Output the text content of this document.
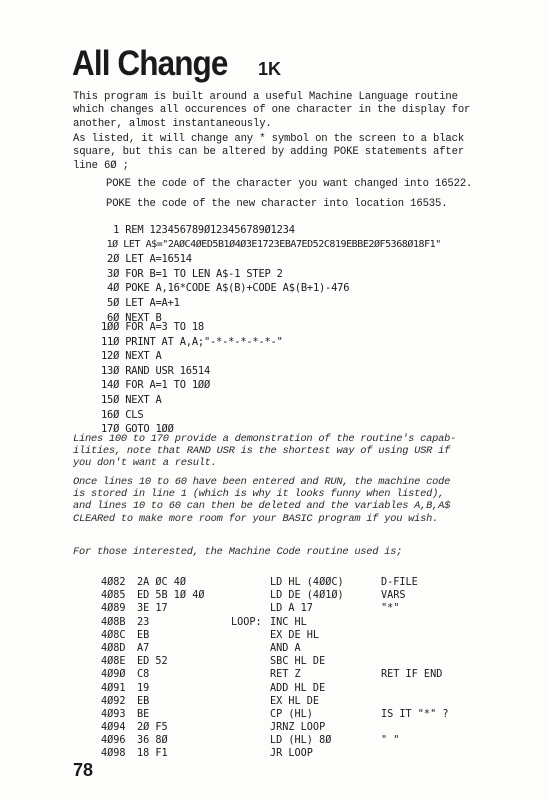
All Change 1K
This program is built around a useful Machine Language routine
which changes all occurences of one character in the display for
another, almost instantaneously.
As listed, it will change any * symbol on the screen to a black
square, but this can be altered by adding POKE statements after
line 6Ø ;
POKE the code of the character you want changed into 16522.
POKE the code of the new character into location 16535.
1 REM 123456789Ø123456789Ø1234
1Ø LET A$="2AØC4ØED5B1Ø4Ø3E1723EBA7ED52C819EBBE2ØF5368Ø18F1"
2Ø LET A=16514
3Ø FOR B=1 TO LEN A$-1 STEP 2
4Ø POKE A,16*CODE A$(B)+CODE A$(B+1)-476
5Ø LET A=A+1
6Ø NEXT B
1ØØ FOR A=3 TO 18
11Ø PRINT AT A,A;"-*-*-*-*-*-"
12Ø NEXT A
13Ø RAND USR 16514
14Ø FOR A=1 TO 1ØØ
15Ø NEXT A
16Ø CLS
17Ø GOTO 1ØØ
Lines 100 to 170 provide a demonstration of the routine's capab-
ilities, note that RAND USR is the shortest way of using USR if
you don't want a result.
Once lines 10 to 60 have been entered and RUN, the machine code
is stored in line 1 (which is why it looks funny when listed),
and lines 10 to 60 can then be deleted and the variables A,B,A$
CLEARed to make more room for your BASIC program if you wish.
For those interested, the Machine Code routine used is;
4Ø82 2A ØC 4Ø	LD HL (4ØØC)	D-FILE
4Ø85 ED 5B 1Ø 4Ø	LD DE (4Ø1Ø)	VARS
4Ø89 3E 17	LD A 17	"*"
4Ø8B 23	LOOP: INC HL
4Ø8C EB	EX DE HL
4Ø8D A7	AND A
4Ø8E ED 52	SBC HL DE
4Ø9Ø C8	RET Z	RET IF END
4Ø91 19	ADD HL DE
4Ø92 EB	EX HL DE
4Ø93 BE	CP (HL)	IS IT "*" ?
4Ø94 2Ø F5	JRNZ LOOP
4Ø96 36 8Ø	LD (HL) 8Ø	" "
4Ø98 18 F1	JR LOOP
78
